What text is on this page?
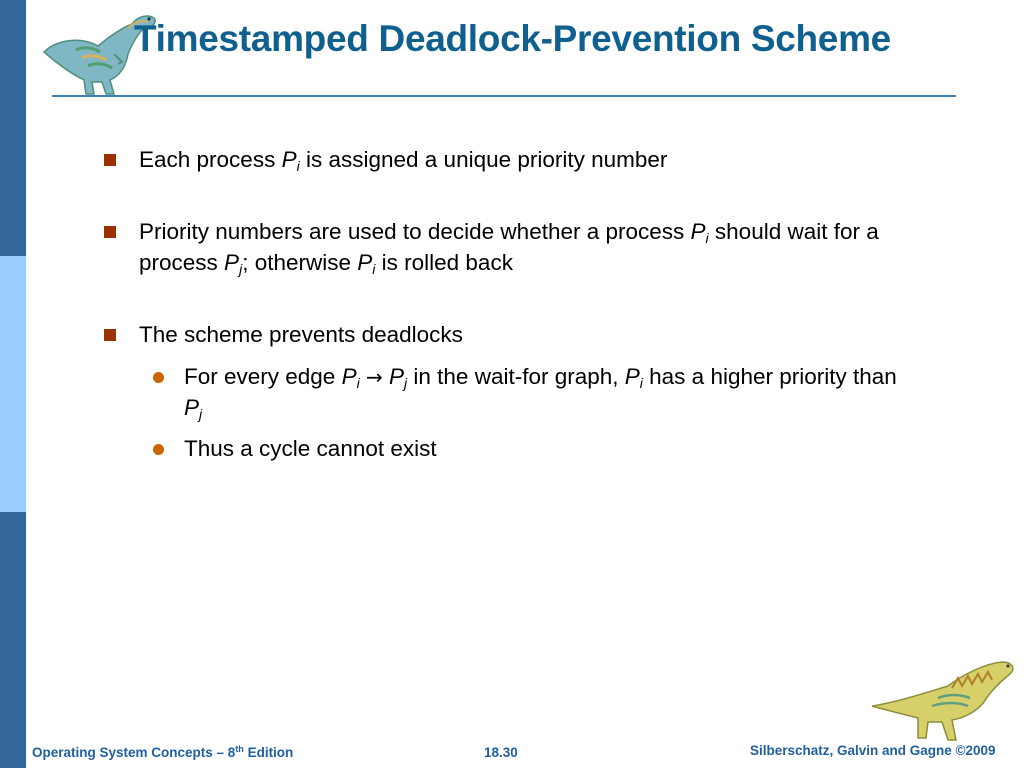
Timestamped Deadlock-Prevention Scheme
Each process $P_i$ is assigned a unique priority number
Priority numbers are used to decide whether a process $P_i$ should wait for a
process $P_j$; otherwise $P_i$ is rolled back
The scheme prevents deadlocks
For every edge $P_i \to P_j$ in the wait-for graph, $P_i$ has a higher priority than
$P_j$
Thus a cycle cannot exist
Operating System Concepts – 8th Edition	18.30	Silberschatz, Galvin and Gagne ©2009
